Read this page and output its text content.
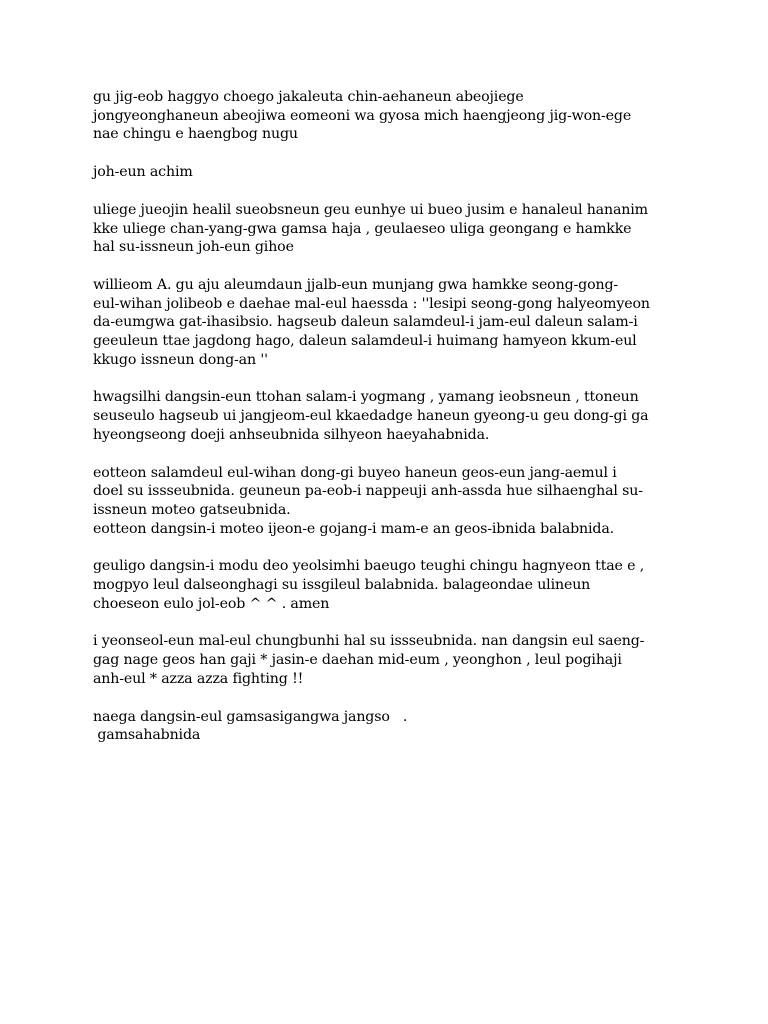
gu jig-eob haggyo choego jakaleuta chin-aehaneun abeojiege
jongyeonghaneun abeojiwa eomeoni wa gyosa mich haengjeong jig-won-ege
nae chingu e haengbog nugu

joh-eun achim

uliege jueojin healil sueobsneun geu eunhye ui bueo jusim e hanaleul hananim
kke uliege chan-yang-gwa gamsa haja , geulaeseo uliga geongang e hamkke
hal su-issneun joh-eun gihoe

willieom A. gu aju aleumdaun jjalb-eun munjang gwa hamkke seong-gong-
eul-wihan jolibeob e daehae mal-eul haessda : ''lesipi seong-gong halyeomyeon
da-eumgwa gat-ihasibsio. hagseub daleun salamdeul-i jam-eul daleun salam-i
geeuleun ttae jagdong hago, daleun salamdeul-i huimang hamyeon kkum-eul
kkugo issneun dong-an ''

hwagsilhi dangsin-eun ttohan salam-i yogmang , yamang ieobsneun , ttoneun
seuseulo hagseub ui jangjeom-eul kkaedadge haneun gyeong-u geu dong-gi ga
hyeongseong doeji anhseubnida silhyeon haeyahabnida.

eotteon salamdeul eul-wihan dong-gi buyeo haneun geos-eun jang-aemul i
doel su issseubnida. geuneun pa-eob-i nappeuji anh-assda hue silhaenghal su-
issneun moteo gatseubnida.
eotteon dangsin-i moteo ijeon-e gojang-i mam-e an geos-ibnida balabnida.

geuligo dangsin-i modu deo yeolsimhi baeugo teughi chingu hagnyeon ttae e ,
mogpyo leul dalseonghagi su issgileul balabnida. balageondae ulineun
choeseon eulo jol-eob ^ ^ . amen

i yeonseol-eun mal-eul chungbunhi hal su issseubnida. nan dangsin eul saeng-
gag nage geos han gaji * jasin-e daehan mid-eum , yeonghon , leul pogihaji
anh-eul * azza azza fighting !!

naega dangsin-eul gamsasigangwa jangso   .
gamsahabnida
